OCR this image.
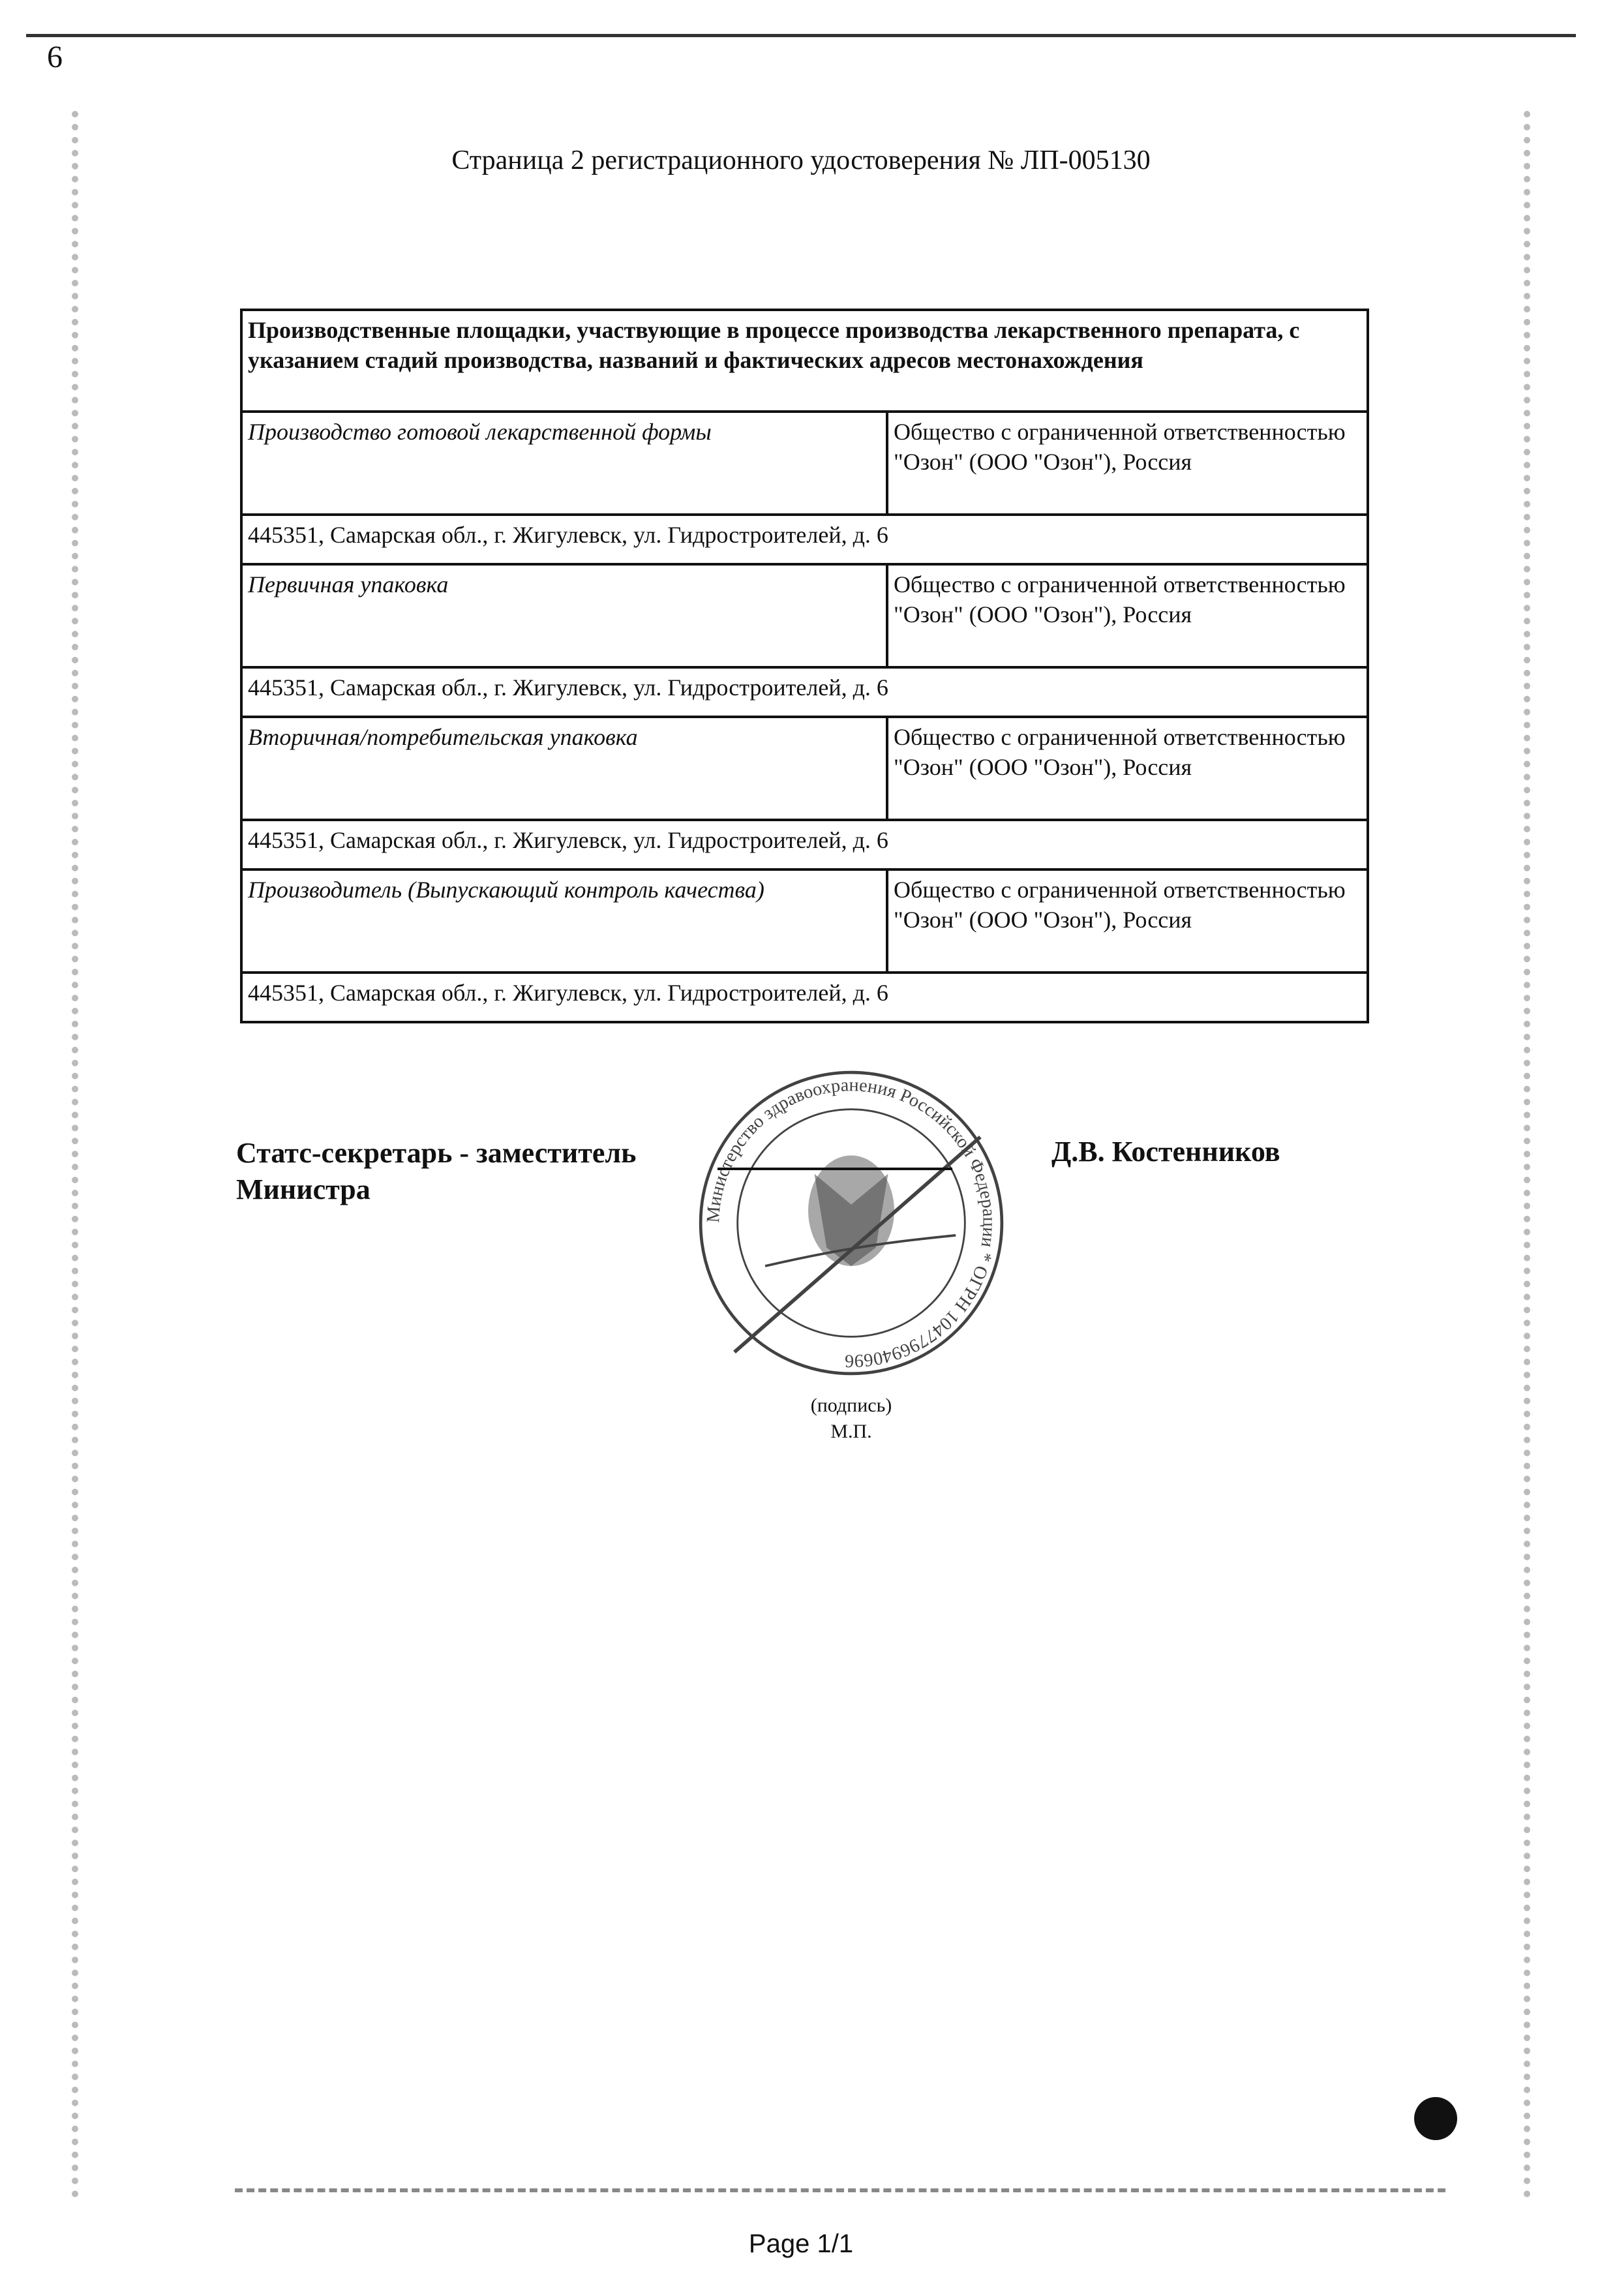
6
Страница 2 регистрационного удостоверения № ЛП-005130
Производственные площадки, участвующие в процессе производства лекарственного препарата, с указанием стадий производства, названий и фактических адресов местонахождения	
Производство готовой лекарственной формы	Общество с ограниченной ответственностью "Озон" (ООО "Озон"), Россия
445351, Самарская обл., г. Жигулевск, ул. Гидростроителей, д. 6	
Первичная упаковка	Общество с ограниченной ответственностью "Озон" (ООО "Озон"), Россия
445351, Самарская обл., г. Жигулевск, ул. Гидростроителей, д. 6	
Вторичная/потребительская упаковка	Общество с ограниченной ответственностью "Озон" (ООО "Озон"), Россия
445351, Самарская обл., г. Жигулевск, ул. Гидростроителей, д. 6	
Производитель (Выпускающий контроль качества)	Общество с ограниченной ответственностью "Озон" (ООО "Озон"), Россия
445351, Самарская обл., г. Жигулевск, ул. Гидростроителей, д. 6	
Статс-секретарь - заместитель
Министра
Министерство здравоохранения Российской Федерации * ОГРН 1047796940696
Д.В. Костенников
(подпись)
М.П.
Page 1/1
